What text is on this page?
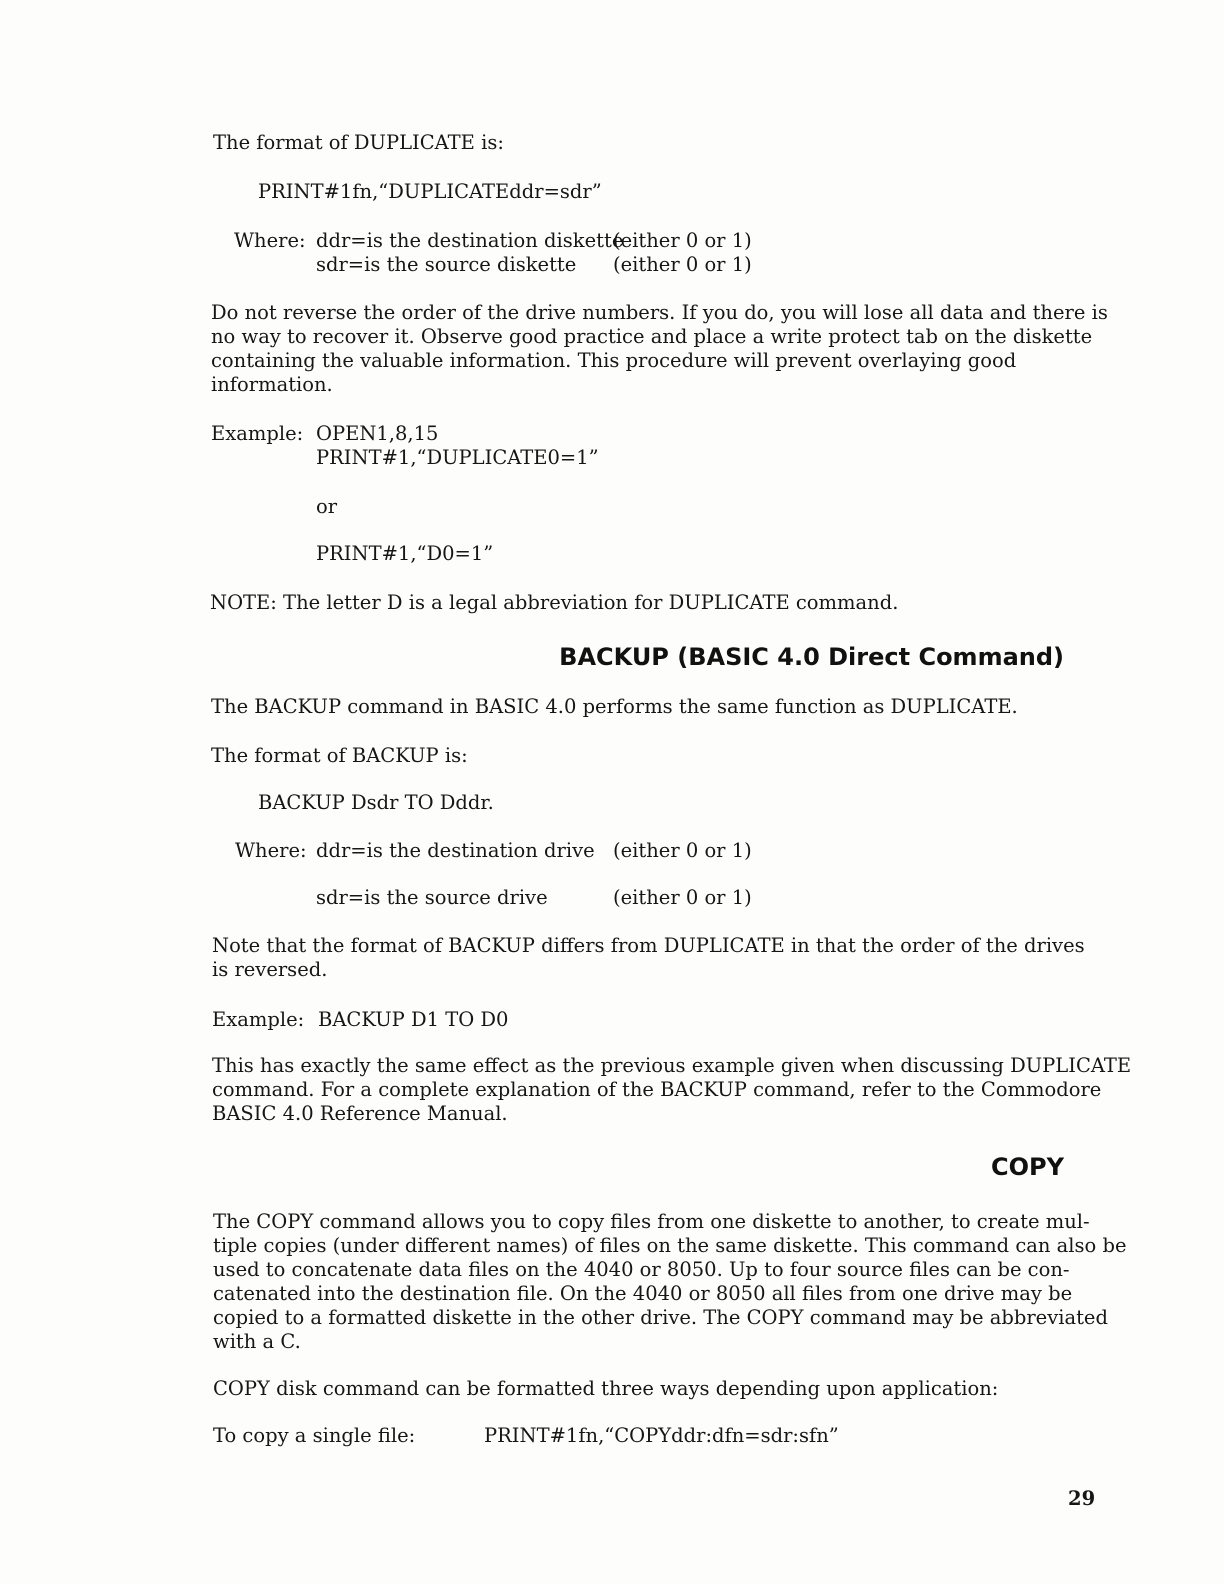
The format of DUPLICATE is:
PRINT#1fn,“DUPLICATEddr=sdr”
Where: ddr=is the destination diskette
(either 0 or 1)
sdr=is the source diskette (either 0 or 1)
Do not reverse the order of the drive numbers. If you do, you will lose all data and there is
no way to recover it. Observe good practice and place a write protect tab on the diskette
containing the valuable information. This procedure will prevent overlaying good
information.
Example: OPEN1,8,15
PRINT#1,“DUPLICATE0=1”
or
PRINT#1,“D0=1”
NOTE: The letter D is a legal abbreviation for DUPLICATE command.
BACKUP (BASIC 4.0 Direct Command)
The BACKUP command in BASIC 4.0 performs the same function as DUPLICATE.
The format of BACKUP is:
BACKUP Dsdr TO Dddr.
Where: ddr=is the destination drive (either 0 or 1)
sdr=is the source drive	(either 0 or 1)
Note that the format of BACKUP differs from DUPLICATE in that the order of the drives
is reversed.
Example: BACKUP D1 TO D0
This has exactly the same effect as the previous example given when discussing DUPLICATE
command. For a complete explanation of the BACKUP command, refer to the Commodore
BASIC 4.0 Reference Manual.
COPY
The COPY command allows you to copy files from one diskette to another, to create mul-
tiple copies (under different names) of files on the same diskette. This command can also be
used to concatenate data files on the 4040 or 8050. Up to four source files can be con-
catenated into the destination file. On the 4040 or 8050 all files from one drive may be
copied to a formatted diskette in the other drive. The COPY command may be abbreviated
with a C.
COPY disk command can be formatted three ways depending upon application:
To copy a single file:	PRINT#1fn,“COPYddr:dfn=sdr:sfn”
29
